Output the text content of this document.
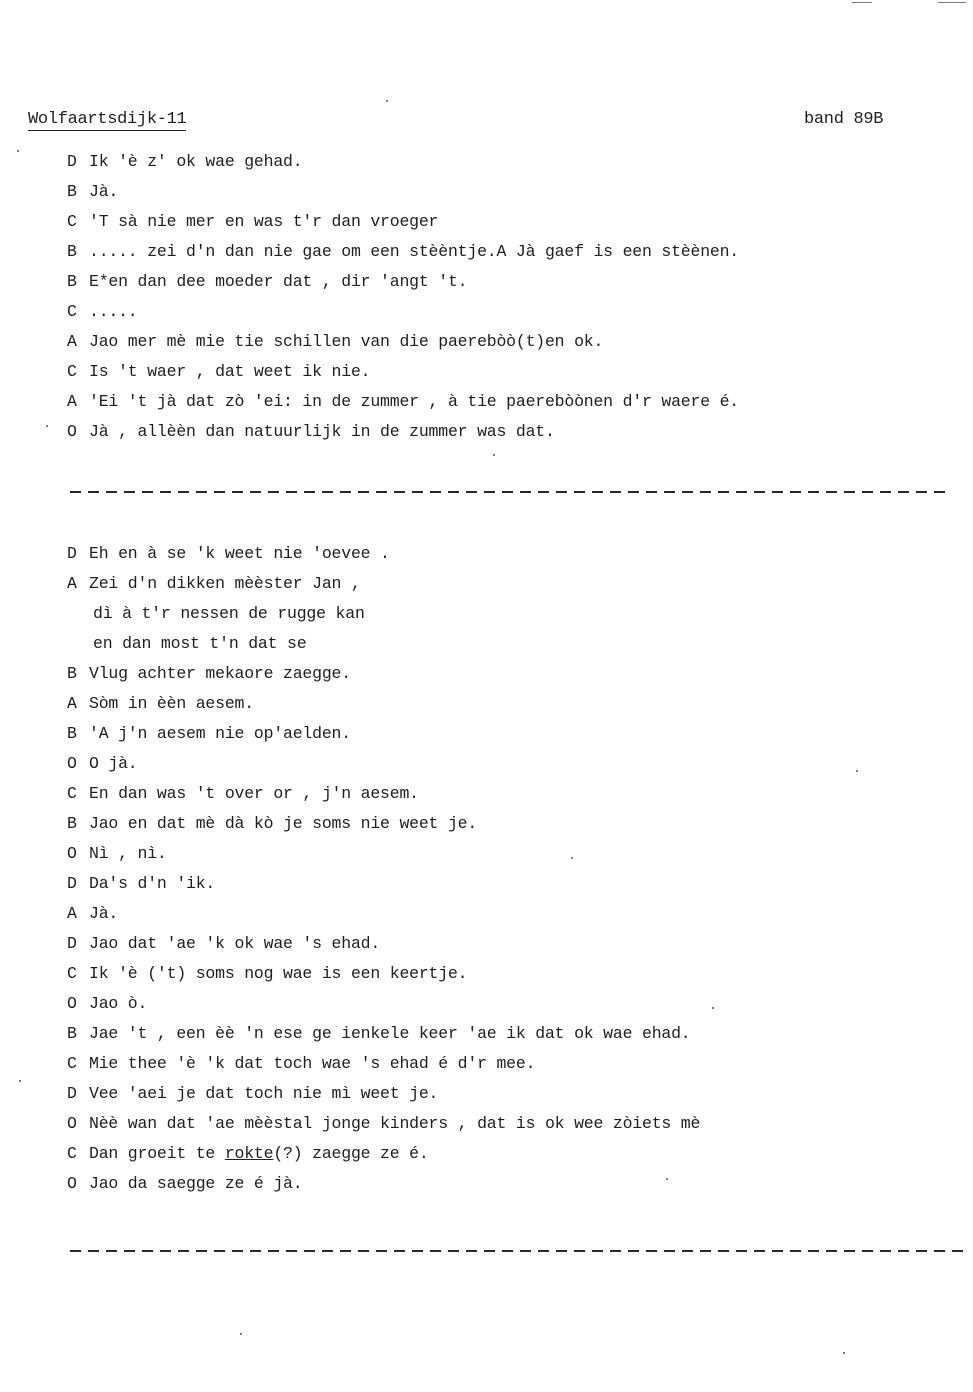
Wolfaartsdijk-11	band 89B
D Ik 'è z' ok wae gehad.
B Jà.
C 'T sà nie mer en was t'r dan vroeger
B ..... zei d'n dan nie gae om een stèèntje.A Jà gaef is een stèènen.
B E*en dan dee moeder dat , dir 'angt 't.
C .....
A Jao mer mè mie tie schillen van die paerebòò(t)en ok.
C Is 't waer , dat weet ik nie.
A 'Ei 't jà dat zò 'ei: in de zummer , à tie paerebòònen d'r waere é.
O Jà , allèèn dan natuurlijk in de zummer was dat.
D Eh en à se 'k weet nie 'oevee .
A Zei d'n dikken mèèster Jan ,
dì à t'r nessen de rugge kan
en dan most t'n dat se
B Vlug achter mekaore zaegge.
A Sòm in èèn aesem.
B 'A j'n aesem nie op'aelden.
O O jà.
C En dan was 't over or , j'n aesem.
B Jao en dat mè dà kò je soms nie weet je.
O Nì , nì.
D Da's d'n 'ik.
A Jà.
D Jao dat 'ae 'k ok wae 's ehad.
C Ik 'è ('t) soms nog wae is een keertje.
O Jao ò.
B Jae 't , een èè 'n ese ge ienkele keer 'ae ik dat ok wae ehad.
C Mie thee 'è 'k dat toch wae 's ehad é d'r mee.
D Vee 'aei je dat toch nie mì weet je.
O Nèè wan dat 'ae mèèstal jonge kinders , dat is ok wee zòiets mè
C Dan groeit te rokte(?) zaegge ze é.
O Jao da saegge ze é jà.
